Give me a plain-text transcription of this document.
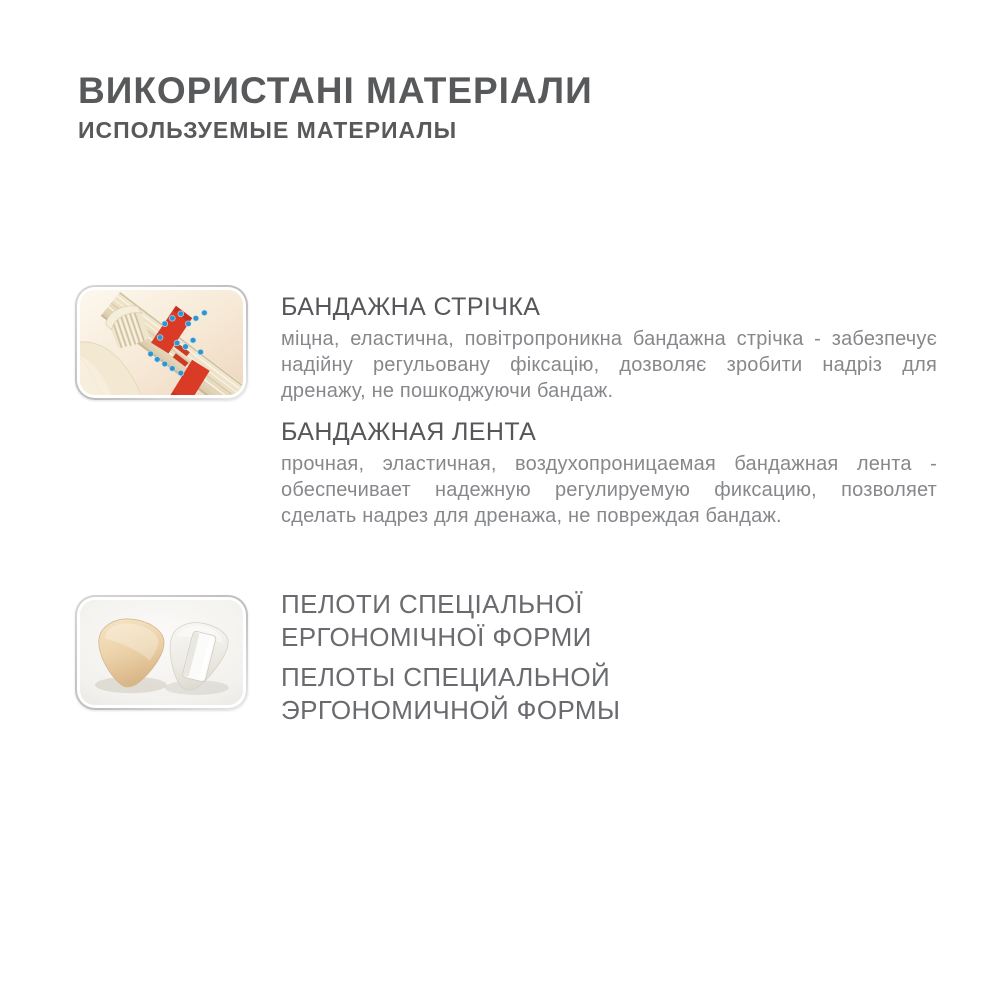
ВИКОРИСТАНІ МАТЕРІАЛИ
ИСПОЛЬЗУЕМЫЕ МАТЕРИАЛЫ
БАНДАЖНА СТРІЧКА

міцна, еластична, повітропроникна бандажна стрічка - забезпечує надійну регульовану фіксацію, дозволяє зробити надріз для дренажу, не пошкоджуючи бандаж.

БАНДАЖНАЯ ЛЕНТА

прочная, эластичная, воздухопроницаемая бандажная лента - обеспечивает надежную регулируемую фиксацию, позволяет сделать надрез для дренажа, не повреждая бандаж.

ПЕЛОТИ СПЕЦІАЛЬНОЇ
ЕРГОНОМІЧНОЇ ФОРМИ
ПЕЛОТЫ СПЕЦИАЛЬНОЙ
ЭРГОНОМИЧНОЙ ФОРМЫ
